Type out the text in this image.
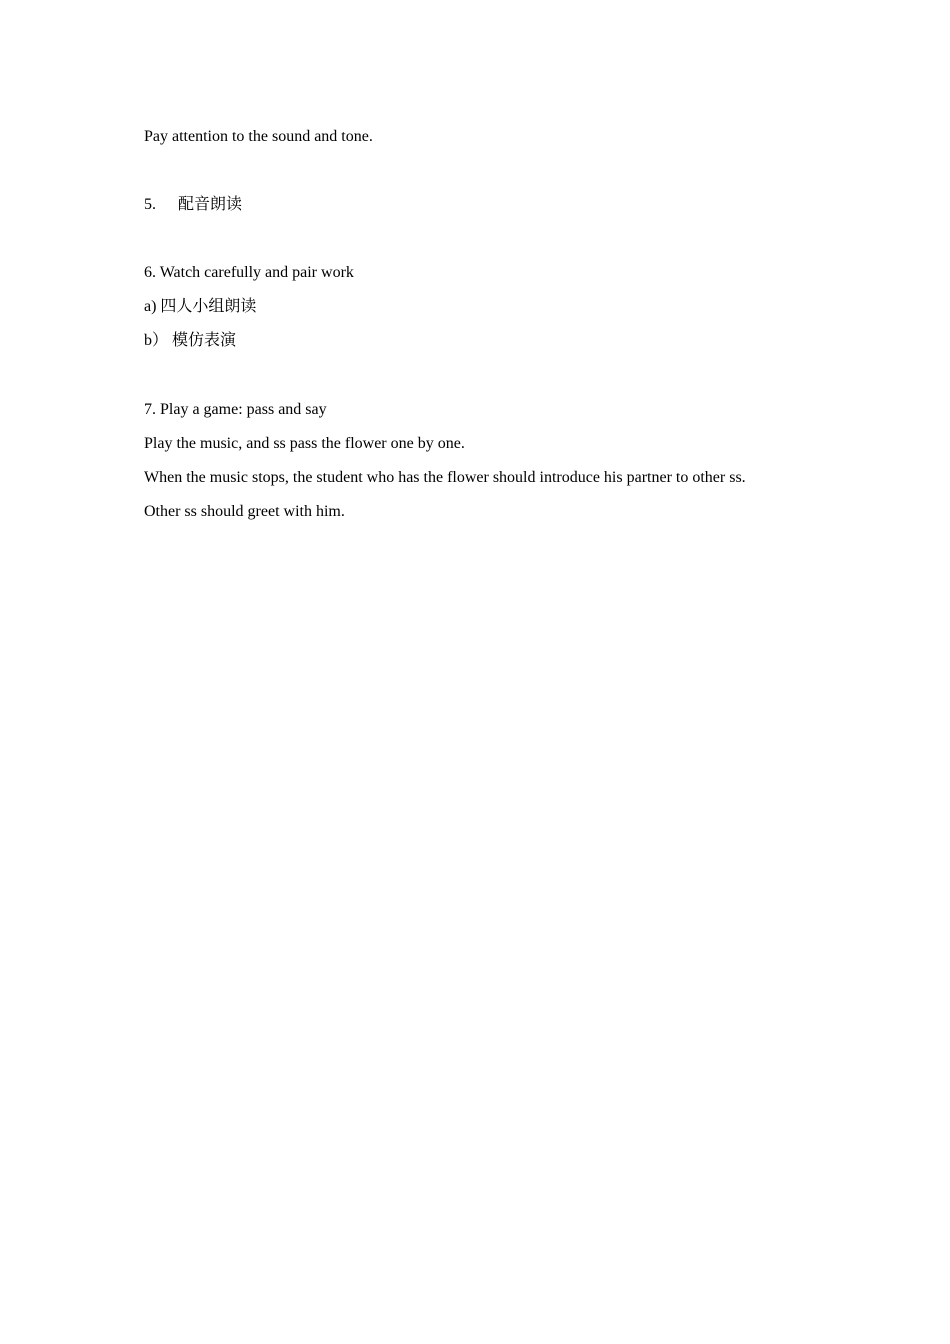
Pay attention to the sound and tone.
5. 配音朗读
6. Watch carefully and pair work
a) 四人小组朗读
b） 模仿表演
7. Play a game: pass and say
Play the music, and ss pass the flower one by one.
When the music stops, the student who has the flower should introduce his partner to other ss.
Other ss should greet with him.
